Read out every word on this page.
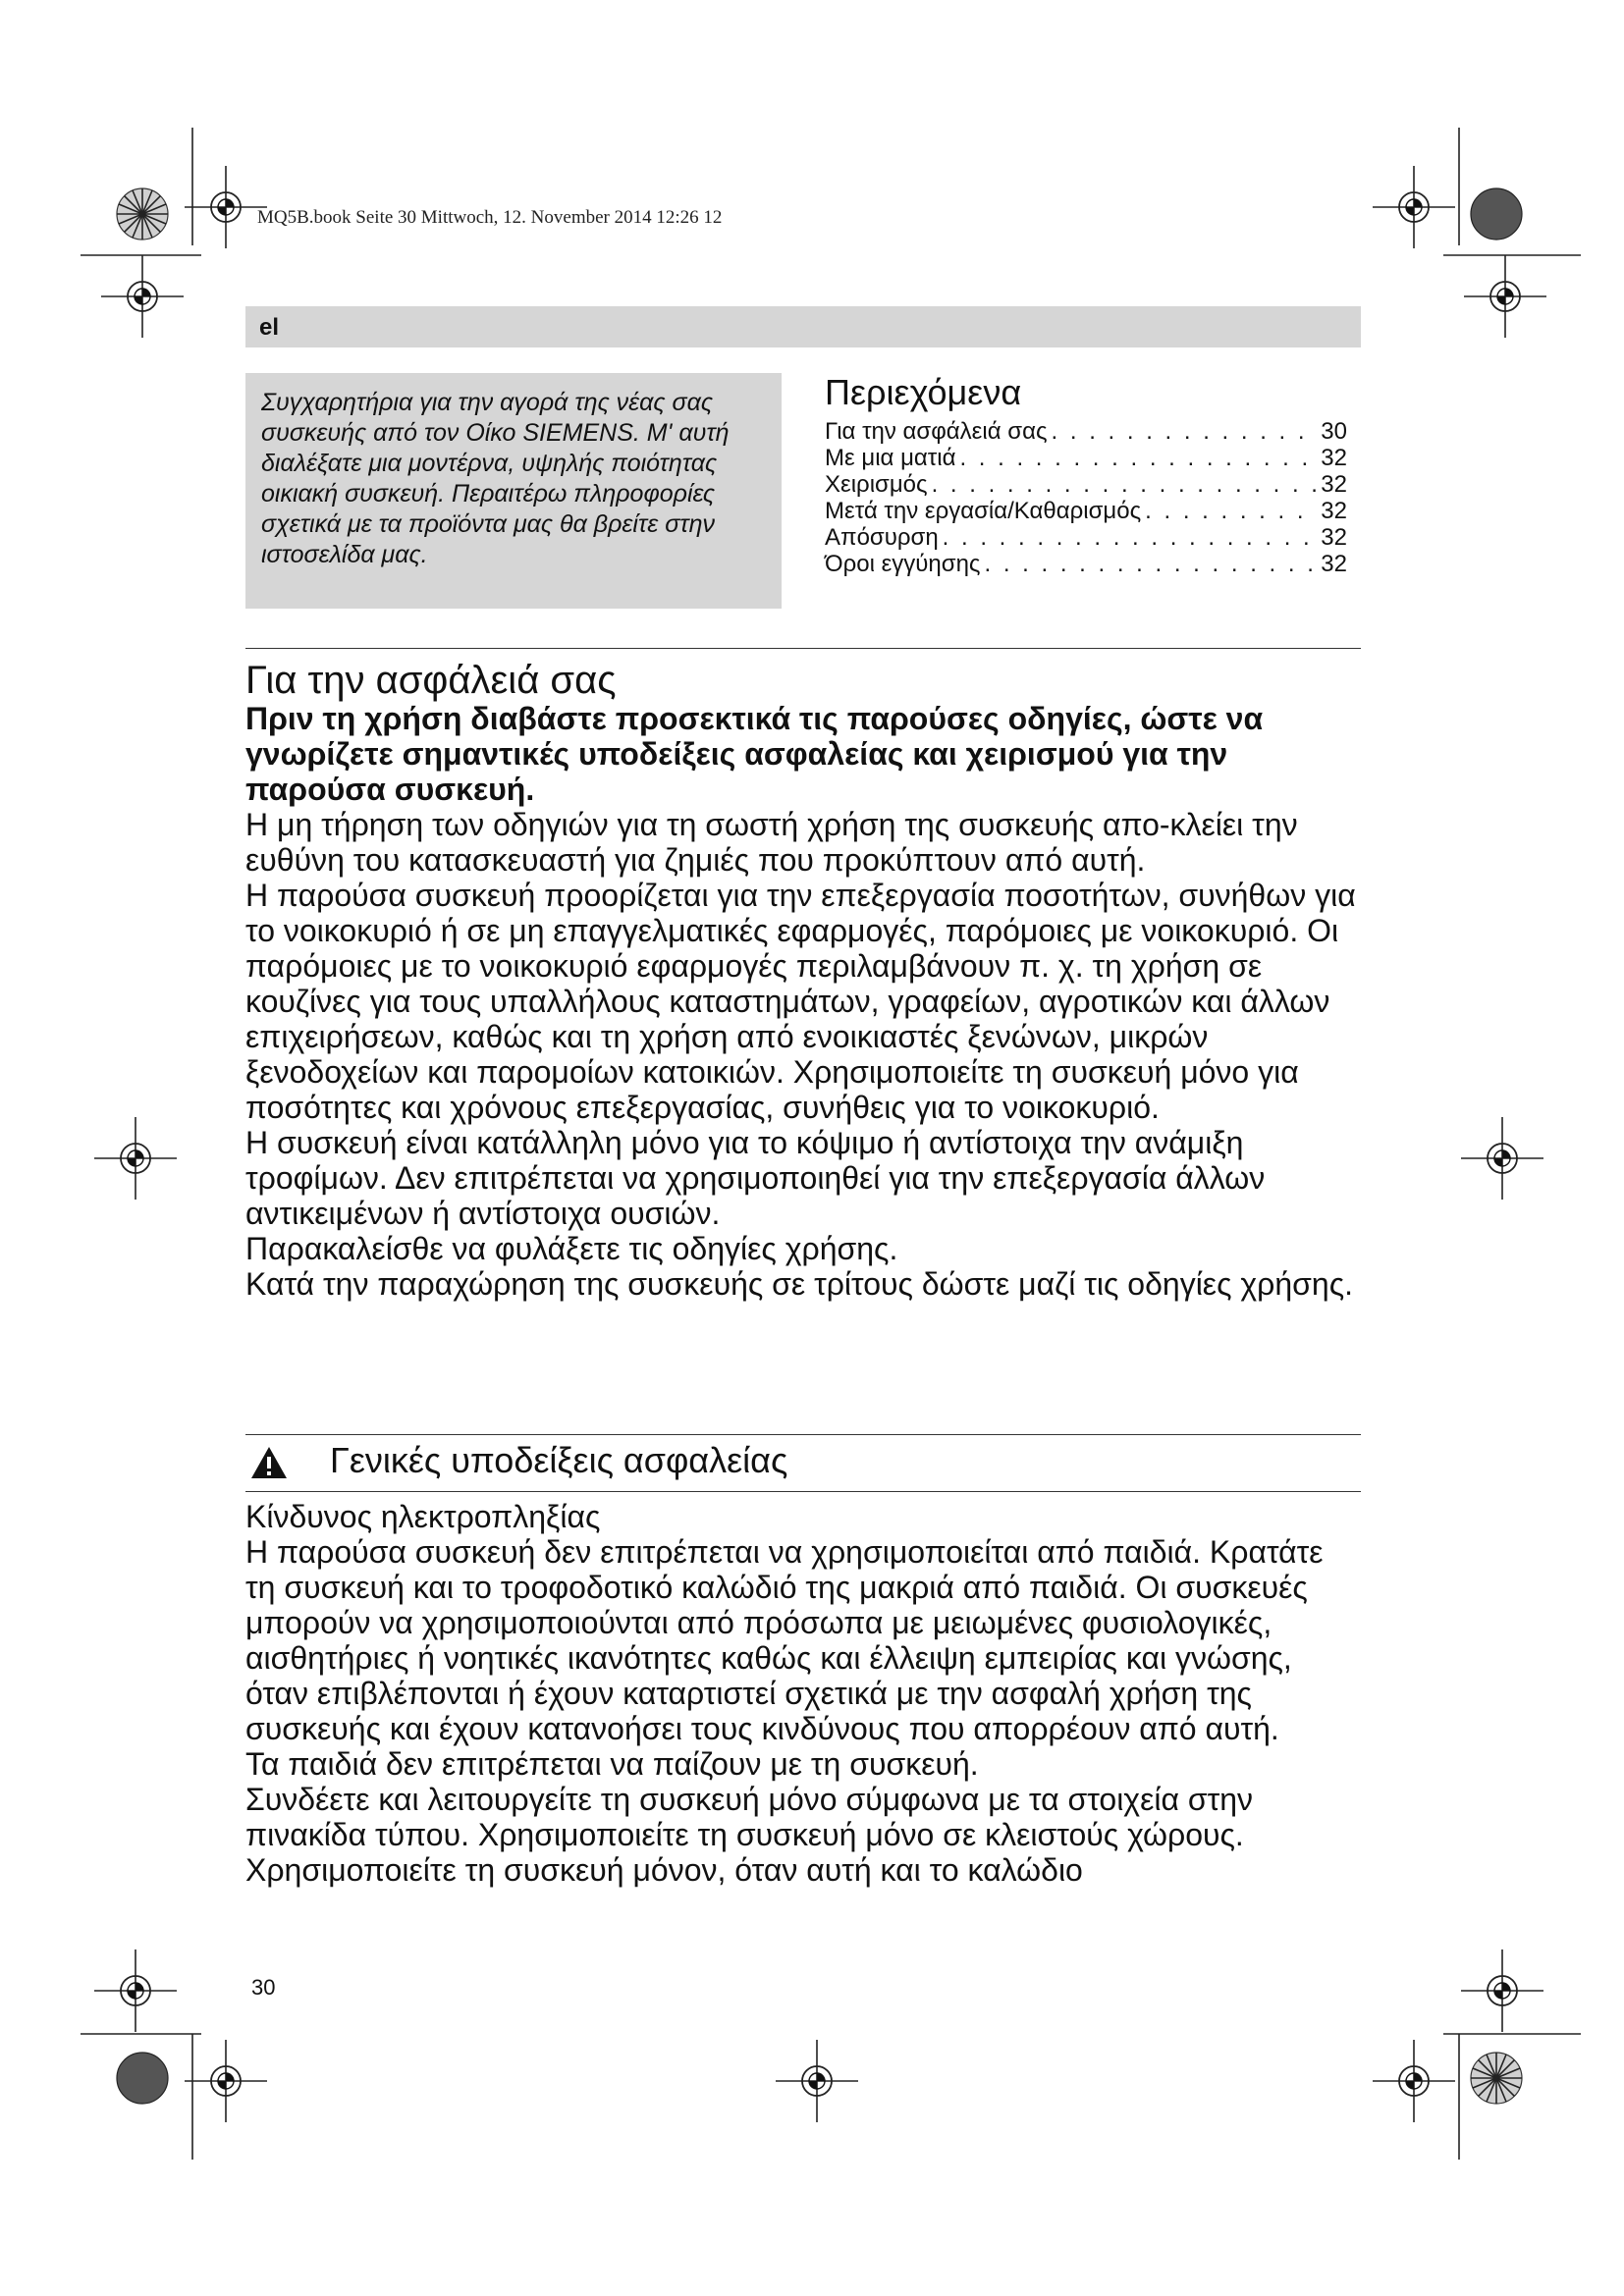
MQ5B.book Seite 30 Mittwoch, 12. November 2014 12:26 12
el

Συγχαρητήρια για την αγορά της νέας σας συσκευής από τον Οίκο SIEMENS. Μ' αυτή διαλέξατε μια μοντέρνα, υψηλής ποιότητας οικιακή συσκευή. Περαιτέρω πληροφορίες σχετικά με τα προϊόντα μας θα βρείτε στην ιστοσελίδα μας.

Περιεχόμενα
Για την ασφάλειά σας . . .	30
Με μια ματιά . . .	32
Χειρισμός . . .	32
Μετά την εργασία/Καθαρισμός . . .	32
Απόσυρση . . .	32
Όροι εγγύησης . . .	32
Για την ασφάλειά σας

Πριν τη χρήση διαβάστε προσεκτικά τις παρούσες οδηγίες, ώστε να γνωρίζετε σημαντικές υποδείξεις ασφαλείας και χειρισμού για την παρούσα συσκευή.

Η μη τήρηση των οδηγιών για τη σωστή χρήση της συσκευής απο-κλείει την ευθύνη του κατασκευαστή για ζημιές που προκύπτουν από αυτή.

Η παρούσα συσκευή προορίζεται για την επεξεργασία ποσοτήτων, συνήθων για το νοικοκυριό ή σε μη επαγγελματικές εφαρμογές, παρόμοιες με νοικοκυριό. Οι παρόμοιες με το νοικοκυριό εφαρμογές περιλαμβάνουν π. χ. τη χρήση σε κουζίνες για τους υπαλλήλους καταστημάτων, γραφείων, αγροτικών και άλλων επιχειρήσεων, καθώς και τη χρήση από ενοικιαστές ξενώνων, μικρών ξενοδοχείων και παρομοίων κατοικιών. Χρησιμοποιείτε τη συσκευή μόνο για ποσότητες και χρόνους επεξεργασίας, συνήθεις για το νοικοκυριό.

Η συσκευή είναι κατάλληλη μόνο για το κόψιμο ή αντίστοιχα την ανάμιξη τροφίμων. Δεν επιτρέπεται να χρησιμοποιηθεί για την επεξεργασία άλλων αντικειμένων ή αντίστοιχα ουσιών.

Παρακαλείσθε να φυλάξετε τις οδηγίες χρήσης.

Κατά την παραχώρηση της συσκευής σε τρίτους δώστε μαζί τις οδηγίες χρήσης.

Γενικές υποδείξεις ασφαλείας
Κίνδυνος ηλεκτροπληξίας

Η παρούσα συσκευή δεν επιτρέπεται να χρησιμοποιείται από παιδιά. Κρατάτε τη συσκευή και το τροφοδοτικό καλώδιό της μακριά από παιδιά. Οι συσκευές μπορούν να χρησιμοποιούνται από πρόσωπα με μειωμένες φυσιολογικές, αισθητήριες ή νοητικές ικανότητες καθώς και έλλειψη εμπειρίας και γνώσης, όταν επιβλέπονται ή έχουν καταρτιστεί σχετικά με την ασφαλή χρήση της συσκευής και έχουν κατανοήσει τους κινδύνους που απορρέουν από αυτή.

Τα παιδιά δεν επιτρέπεται να παίζουν με τη συσκευή.

Συνδέετε και λειτουργείτε τη συσκευή μόνο σύμφωνα με τα στοιχεία στην πινακίδα τύπου. Χρησιμοποιείτε τη συσκευή μόνο σε κλειστούς χώρους. Χρησιμοποιείτε τη συσκευή μόνον, όταν αυτή και το καλώδιο

30
